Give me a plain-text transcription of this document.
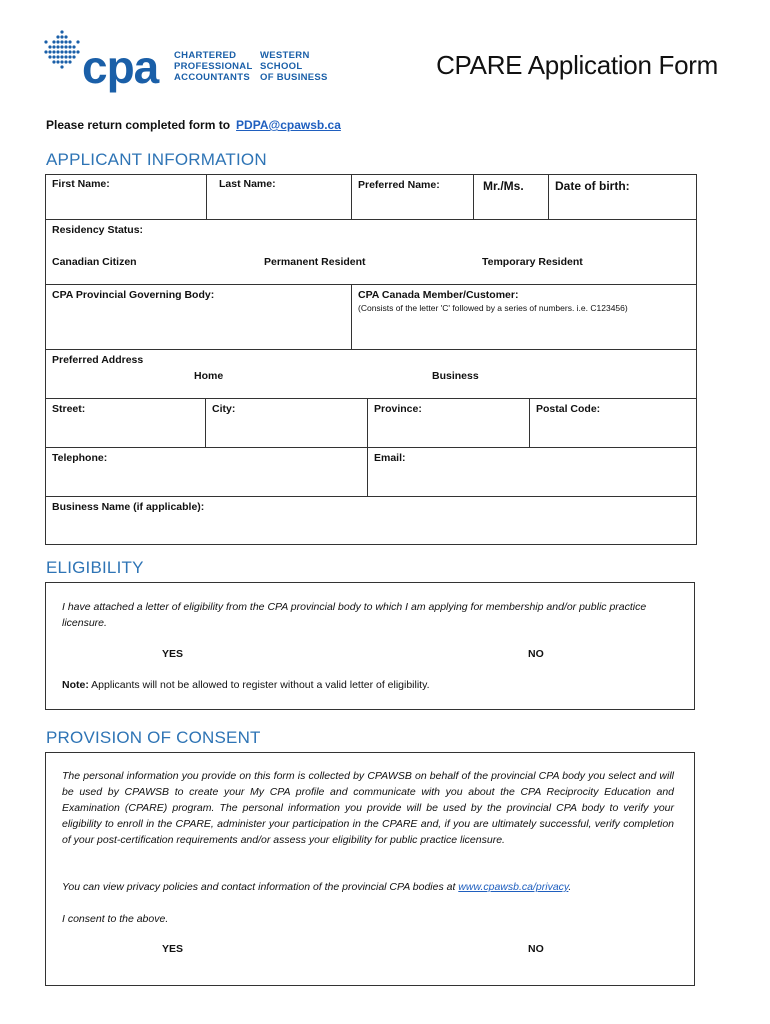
cpa CHARTERED
PROFESSIONAL
ACCOUNTANTS
WESTERN
SCHOOL
OF BUSINESS	CPARE Application Form
Please return completed form to PDPA@cpawsb.ca
APPLICANT INFORMATION
First Name:	Last Name:	Preferred Name:	Mr./Ms.	Date of birth:
Residency Status:
Canadian Citizen	Permanent Resident	Temporary Resident
CPA Provincial Governing Body:	CPA Canada Member/Customer:
(Consists of the letter 'C' followed by a series of numbers. i.e. C123456)
Preferred Address
Home	Business
Street:	City:	Province:	Postal Code:
Telephone:	Email:
Business Name (if applicable):
ELIGIBILITY
I have attached a letter of eligibility from the CPA provincial body to which I am applying for membership and/or public practice licensure.
YES	NO
Note: Applicants will not be allowed to register without a valid letter of eligibility.
PROVISION OF CONSENT
The personal information you provide on this form is collected by CPAWSB on behalf of the provincial CPA body you select and will be used by CPAWSB to create your My CPA profile and communicate with you about the CPA Reciprocity Education and Examination (CPARE) program. The personal information you provide will be used by the provincial CPA body to verify your eligibility to enroll in the CPARE, administer your participation in the CPARE and, if you are ultimately successful, verify completion of your post-certification requirements and/or assess your eligibility for public practice licensure.
You can view privacy policies and contact information of the provincial CPA bodies at www.cpawsb.ca/privacy.
I consent to the above.
YES	NO
